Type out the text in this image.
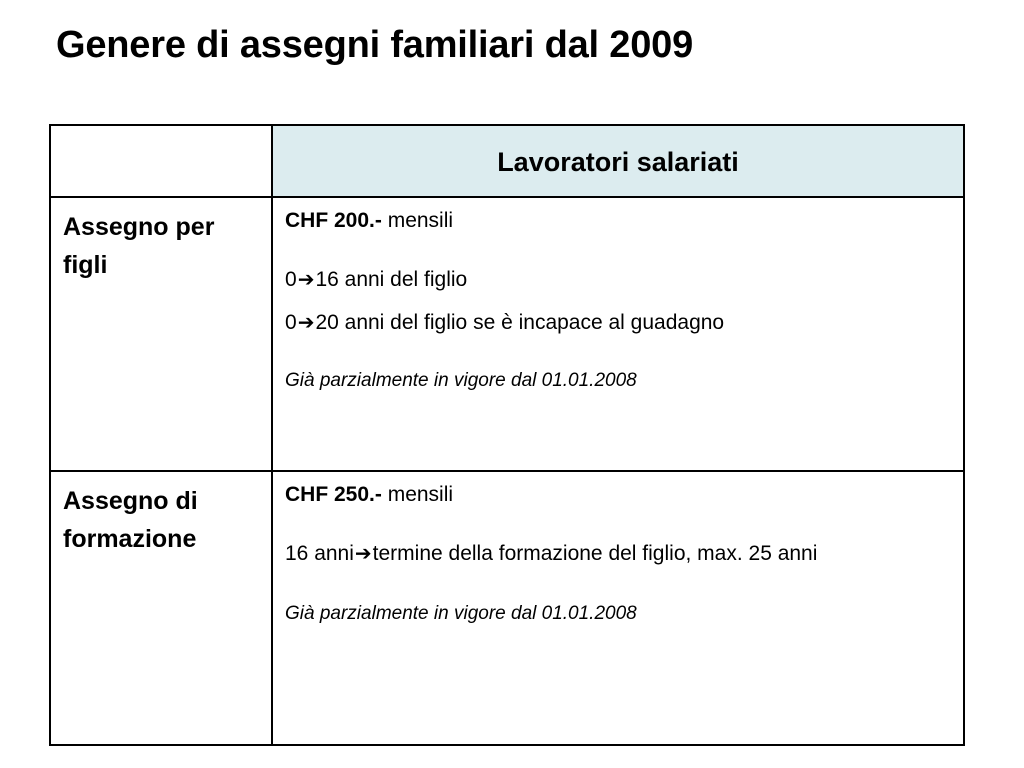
Genere di assegni familiari dal 2009

	Lavoratori salariati

Assegno per figli	CHF 200.- mensili

0➔16 anni del figlio

0➔20 anni del figlio se è incapace al guadagno

Già parzialmente in vigore dal 01.01.2008

Assegno di formazione	CHF 250.- mensili

16 anni➔termine della formazione del figlio, max. 25 anni

Già parzialmente in vigore dal 01.01.2008
